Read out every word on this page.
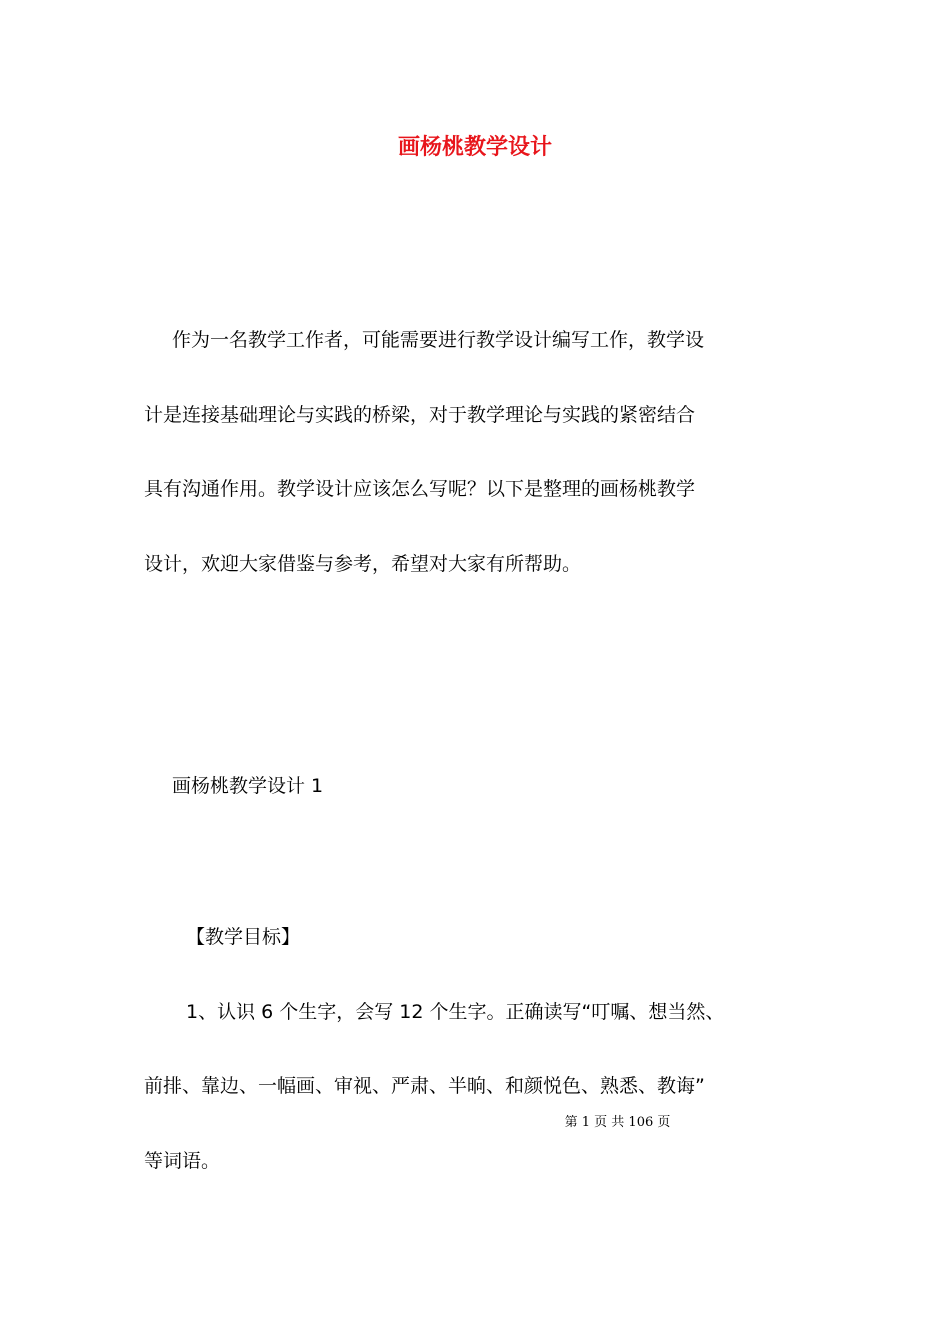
画杨桃教学设计
作为一名教学工作者，可能需要进行教学设计编写工作，教学设
计是连接基础理论与实践的桥梁，对于教学理论与实践的紧密结合
具有沟通作用。教学设计应该怎么写呢？以下是整理的画杨桃教学
设计，欢迎大家借鉴与参考，希望对大家有所帮助。
画杨桃教学设计 1
【教学目标】
1、认识 6 个生字，会写 12 个生字。正确读写“叮嘱、想当然、
前排、靠边、一幅画、审视、严肃、半晌、和颜悦色、熟悉、教诲”
等词语。
第 1 页 共 106 页
